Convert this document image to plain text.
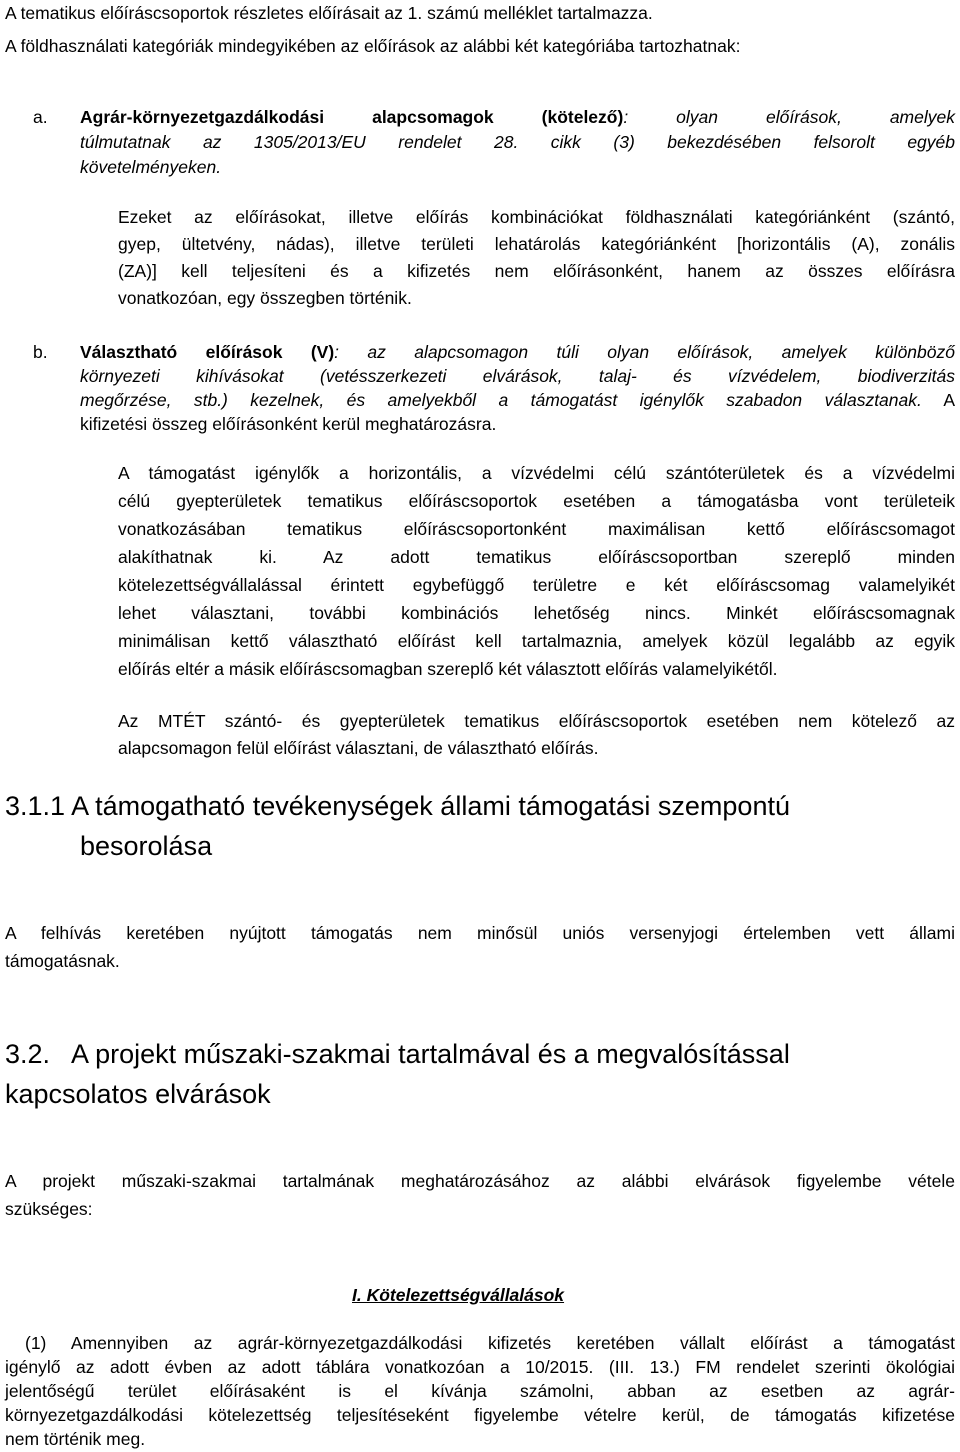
A tematikus előíráscsoportok részletes előírásait az 1. számú melléklet tartalmazza.
A földhasználati kategóriák mindegyikében az előírások az alábbi két kategóriába tartozhatnak:
a. Agrár-környezetgazdálkodási alapcsomagok (kötelező): olyan előírások, amelyek
túlmutatnak az 1305/2013/EU rendelet 28. cikk (3) bekezdésében felsorolt egyéb
követelményeken.
Ezeket az előírásokat, illetve előírás kombinációkat földhasználati kategóriánként (szántó,
gyep, ültetvény, nádas), illetve területi lehatárolás kategóriánként [horizontális (A), zonális
(ZA)] kell teljesíteni és a kifizetés nem előírásonként, hanem az összes előírásra
vonatkozóan, egy összegben történik.
b. Választható előírások (V): az alapcsomagon túli olyan előírások, amelyek különböző
környezeti kihívásokat (vetésszerkezeti elvárások, talaj- és vízvédelem, biodiverzitás
megőrzése, stb.) kezelnek, és amelyekből a támogatást igénylők szabadon választanak. A
kifizetési összeg előírásonként kerül meghatározásra.
A támogatást igénylők a horizontális, a vízvédelmi célú szántóterületek és a vízvédelmi
célú gyepterületek tematikus előíráscsoportok esetében a támogatásba vont területeik
vonatkozásában tematikus előíráscsoportonként maximálisan kettő előíráscsomagot
alakíthatnak ki. Az adott tematikus előíráscsoportban szereplő minden
kötelezettségvállalással érintett egybefüggő területre e két előíráscsomag valamelyikét
lehet választani, további kombinációs lehetőség nincs. Minkét előíráscsomagnak
minimálisan kettő választható előírást kell tartalmaznia, amelyek közül legalább az egyik
előírás eltér a másik előíráscsomagban szereplő két választott előírás valamelyikétől.
Az MTÉT szántó- és gyepterületek tematikus előíráscsoportok esetében nem kötelező az
alapcsomagon felül előírást választani, de választható előírás.
3.1.1 A támogatható tevékenységek állami támogatási szempontú
besorolása
A felhívás keretében nyújtott támogatás nem minősül uniós versenyjogi értelemben vett állami
támogatásnak.
3.2.   A projekt műszaki-szakmai tartalmával és a megvalósítással
kapcsolatos elvárások
A projekt műszaki-szakmai tartalmának meghatározásához az alábbi elvárások figyelembe vétele
szükséges:
I. Kötelezettségvállalások
(1) Amennyiben az agrár-környezetgazdálkodási kifizetés keretében vállalt előírást a támogatást
igénylő az adott évben az adott táblára vonatkozóan a 10/2015. (III. 13.) FM rendelet szerinti ökológiai
jelentőségű terület előírásaként is el kívánja számolni, abban az esetben az agrár-
környezetgazdálkodási kötelezettség teljesítéseként figyelembe vételre kerül, de támogatás kifizetése
nem történik meg.
